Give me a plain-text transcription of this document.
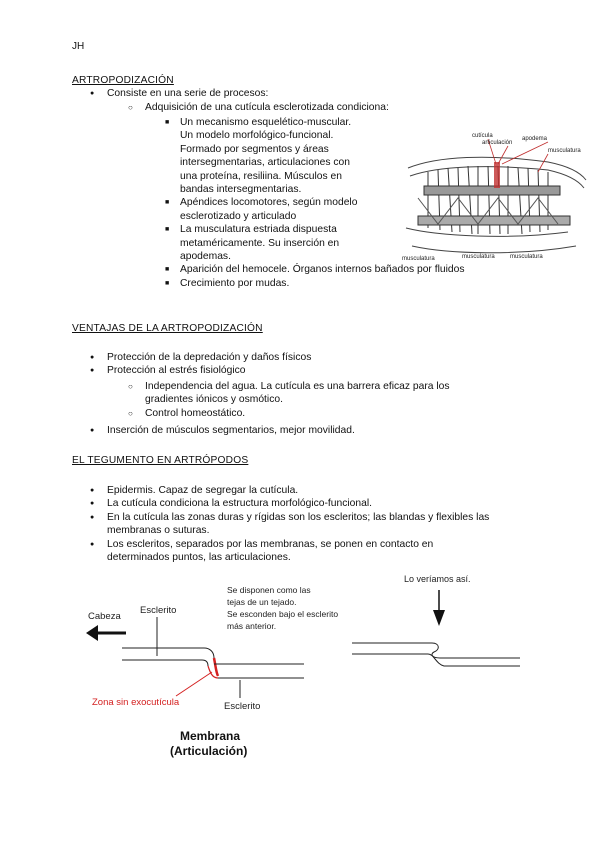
JH
ARTROPODIZACIÓN
● Consiste en una serie de procesos:
○ Adquisición de una cutícula esclerotizada condiciona:
■ Un mecanismo esquelético-muscular.
Un modelo morfológico-funcional.
Formado por segmentos y áreas
intersegmentarias, articulaciones con
una proteína, resiliina. Músculos en
bandas intersegmentarias.
■ Apéndices locomotores, según modelo
esclerotizado y articulado
■ La musculatura estriada dispuesta
metaméricamente. Su inserción en
apodemas.
■ Aparición del hemocele. Órganos internos bañados por fluidos
■ Crecimiento por mudas.
cutícula
articulación
apodema
musculatura
musculatura	musculatura	musculatura
VENTAJAS DE LA ARTROPODIZACIÓN
● Protección de la depredación y daños físicos
● Protección al estrés fisiológico
○ Independencia del agua. La cutícula es una barrera eficaz para los
gradientes iónicos y osmótico.
○ Control homeostático.
● Inserción de músculos segmentarios, mejor movilidad.
EL TEGUMENTO EN ARTRÓPODOS
● Epidermis. Capaz de segregar la cutícula.
● La cutícula condiciona la estructura morfológico-funcional.
● En la cutícula las zonas duras y rígidas son los escleritos; las blandas y flexibles las
membranas o suturas.
● Los escleritos, separados por las membranas, se ponen en contacto en
determinados puntos, las articulaciones.
Cabeza
Esclerito
Se disponen como las
tejas de un tejado.
Se esconden bajo el esclerito
más anterior.
Zona sin exocutícula	Esclerito
Membrana
(Articulación)
Lo veríamos así.
